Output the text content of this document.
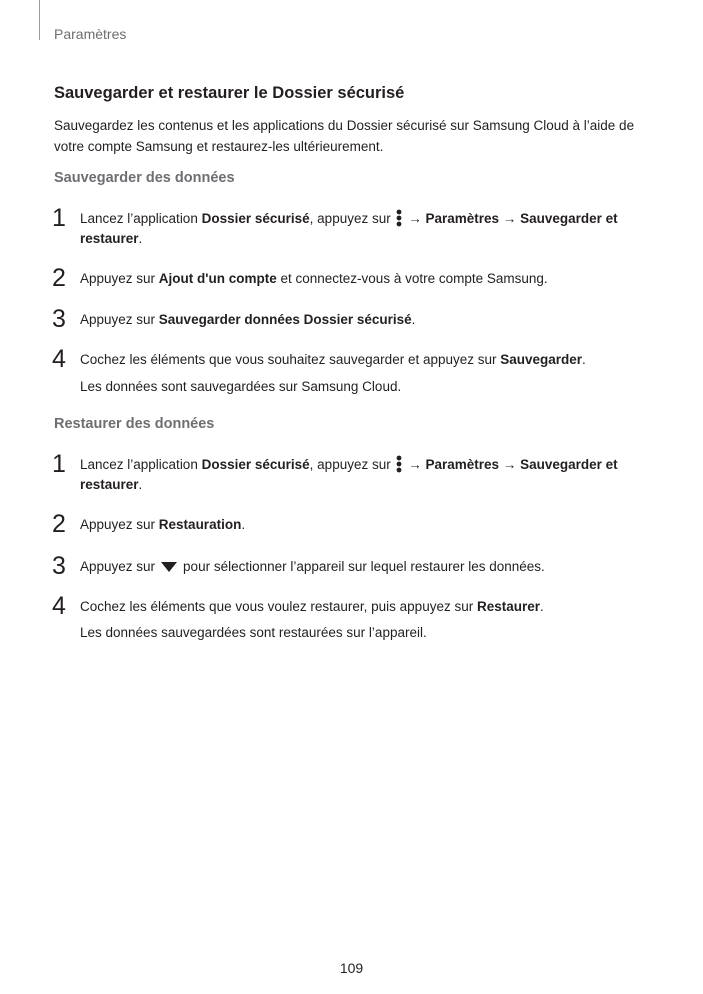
Paramètres
Sauvegarder et restaurer le Dossier sécurisé
Sauvegardez les contenus et les applications du Dossier sécurisé sur Samsung Cloud à l’aide de votre compte Samsung et restaurez-les ultérieurement.
Sauvegarder des données
1 Lancez l’application Dossier sécurisé, appuyez sur  → Paramètres → Sauvegarder et restaurer.
2 Appuyez sur Ajout d'un compte et connectez-vous à votre compte Samsung.
3 Appuyez sur Sauvegarder données Dossier sécurisé.
4 Cochez les éléments que vous souhaitez sauvegarder et appuyez sur Sauvegarder.
Les données sont sauvegardées sur Samsung Cloud.
Restaurer des données
1 Lancez l’application Dossier sécurisé, appuyez sur  → Paramètres → Sauvegarder et restaurer.
2 Appuyez sur Restauration.
3 Appuyez sur pour sélectionner l’appareil sur lequel restaurer les données.
4 Cochez les éléments que vous voulez restaurer, puis appuyez sur Restaurer.
Les données sauvegardées sont restaurées sur l’appareil.
109
